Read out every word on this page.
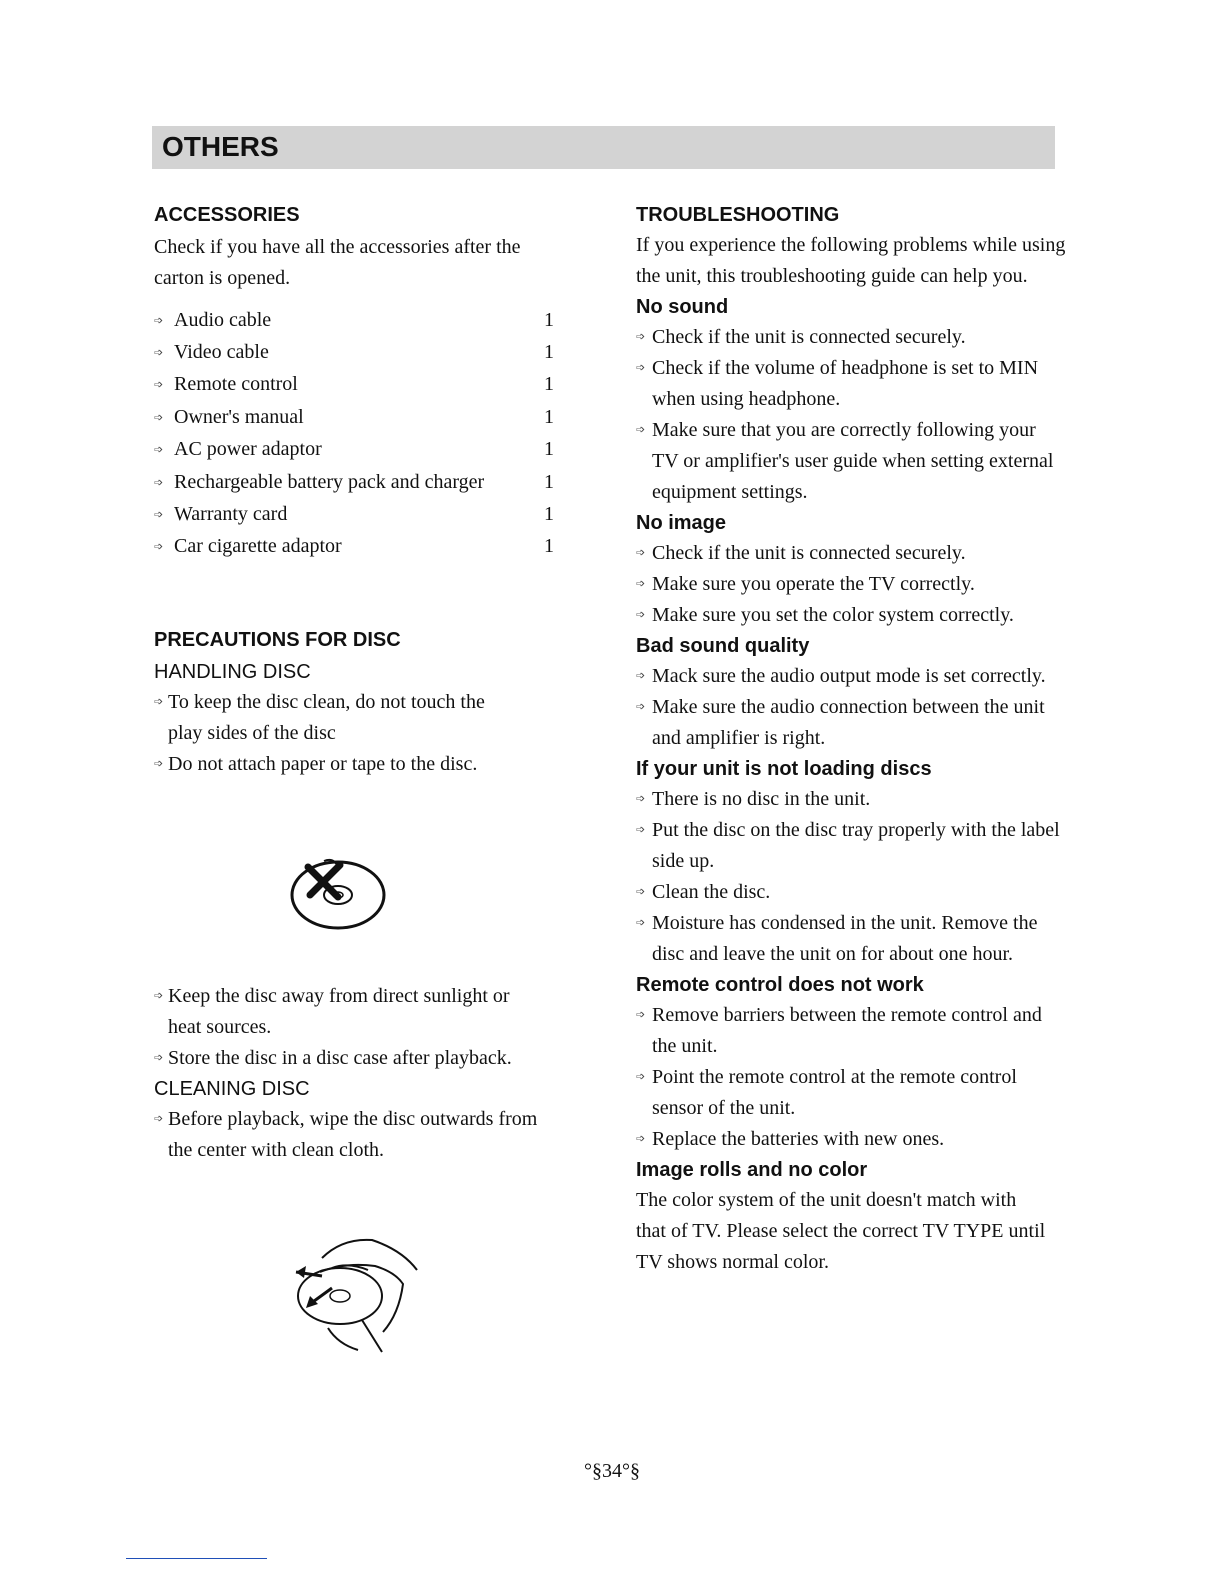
OTHERS
ACCESSORIES
Check if you have all the accessories after the carton is opened.
➩ Audio cable	1
➩ Video cable	1
➩ Remote control	1
➩ Owner's manual	1
➩ AC power adaptor	1
➩ Rechargeable battery pack and charger	1
➩ Warranty card	1
➩ Car cigarette adaptor	1
PRECAUTIONS FOR DISC
HANDLING DISC
➩ To keep the disc clean, do not touch the play sides of the disc
➩ Do not attach paper or tape to the disc.
➩ Keep the disc away from direct sunlight or heat sources.
➩ Store the disc in a disc case after playback.
CLEANING DISC
➩ Before playback, wipe the disc outwards from the center with clean cloth.
TROUBLESHOOTING
If you experience the following problems while using the unit, this troubleshooting guide can help you.
No sound
➩ Check if the unit is connected securely.
➩ Check if the volume of headphone is set to MIN when using headphone.
➩ Make sure that you are correctly following your TV or amplifier's user guide when setting external equipment settings.
No image
➩ Check if the unit is connected securely.
➩ Make sure you operate the TV correctly.
➩ Make sure you set the color system correctly.
Bad sound quality
➩ Mack sure the audio output mode is set correctly.
➩ Make sure the audio connection between the unit and amplifier is right.
If your unit is not loading discs
➩ There is no disc in the unit.
➩ Put the disc on the disc tray properly with the label side up.
➩ Clean the disc.
➩ Moisture has condensed in the unit. Remove the disc and leave the unit on for about one hour.
Remote control does not work
➩ Remove barriers between the remote control and the unit.
➩ Point the remote control at the remote control sensor of the unit.
➩ Replace the batteries with new ones.
Image rolls and no color
The color system of the unit doesn't match with that of TV. Please select the correct TV TYPE until TV shows normal color.
°§34°§
